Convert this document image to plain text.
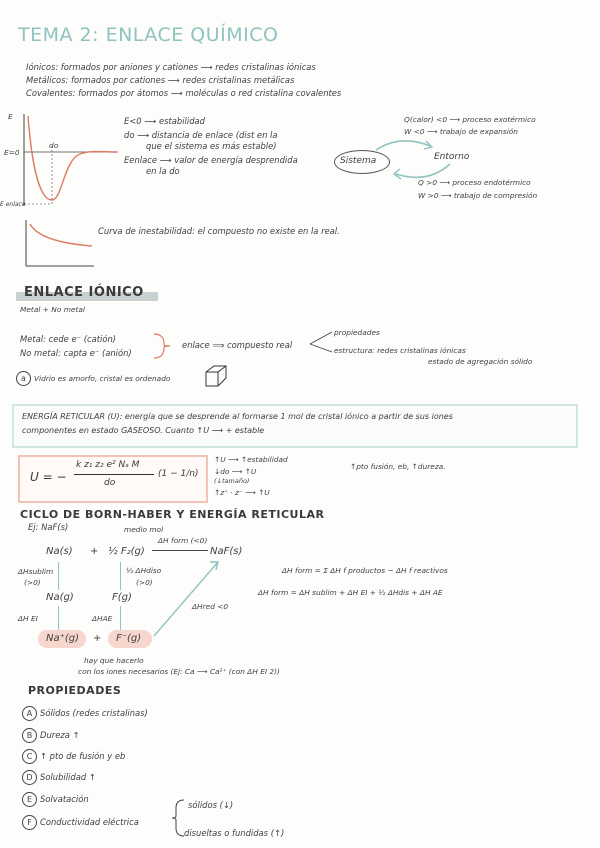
TEMA 2: ENLACE QUÍMICO
Iónicos: formados por aniones y cationes ⟶ redes cristalinas iónicas
Metálicos: formados por cationes ⟶ redes cristalinas metálicas
Covalentes: formados por átomos ⟶ moléculas o red cristalina covalentes
E
E=0
E enlace
do
E<0 ⟶ estabilidad
do ⟶ distancia de enlace (dist en la
que el sistema es más estable)
Eenlace ⟶ valor de energía desprendida
en la do
Sistema	Entorno
Q(calor) <0 ⟶ proceso exotérmico
W <0 ⟶ trabajo de expansión
Q >0 ⟶ proceso endotérmico
W >0 ⟶ trabajo de compresión
Curva de inestabilidad: el compuesto no existe en la real.
ENLACE IÓNICO
Metal + No metal
Metal: cede e⁻ (catión)
No metal: capta e⁻ (anión)
enlace ⟹ compuesto real
propiedades
estructura: redes cristalinas iónicas
estado de agregación sólido
a Vidrio es amorfo, cristal es ordenado
ENERGÍA RETICULAR (U): energía que se desprende al formarse 1 mol de cristal iónico a partir de sus iones
componentes en estado GASEOSO. Cuanto ↑U ⟶ + estable
U = −
k z₁ z₂ e² Nₐ M
do
(1 − 1/n)
↑U ⟶ ↑estabilidad
↓do ⟶ ↑U
(↓tamaño)
↑z⁺ · z⁻ ⟶ ↑U
↑pto fusión, eb, ↑dureza.
CICLO DE BORN-HABER Y ENERGÍA RETICULAR
Ej: NaF(s)	medio mol
Na(s) + ½ F₂(g)
ΔH form (<0)
NaF(s)
ΔHsublim
(>0)
½ ΔHdiso
(>0)
Na(g)	F(g)
ΔH EI	ΔHAE
ΔHred <0
Na⁺(g) + F⁻(g)
hay que hacerlo
con los iones necesarios (Ej: Ca ⟶ Ca²⁺ (con ΔH EI 2))
ΔH form = Σ ΔH f productos − ΔH f reactivos
ΔH form = ΔH sublim + ΔH EI + ½ ΔHdis + ΔH AE
PROPIEDADES
A Sólidos (redes cristalinas)
B Dureza ↑
C ↑ pto de fusión y eb
D Solubilidad ↑
E Solvatación
F Conductividad eléctrica
sólidos (↓)
disueltas o fundidas (↑)
